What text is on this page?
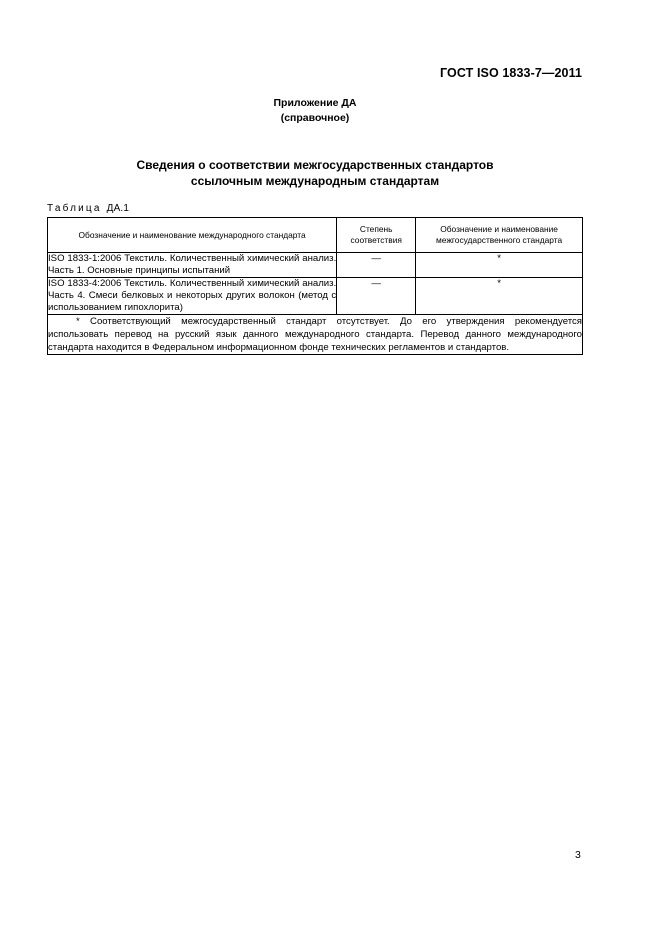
ГОСТ ISO 1833-7—2011
Приложение ДА
(справочное)
Сведения о соответствии межгосударственных стандартов
ссылочным международным стандартам
Таблица ДА.1
Обозначение и наименование международного стандарта	Степень соответствия	Обозначение и наименование межгосударственного стандарта
ISO 1833-1:2006 Текстиль. Количественный химический анализ. Часть 1. Основные принципы испытаний	—	*
ISO 1833-4:2006 Текстиль. Количественный химический анализ. Часть 4. Смеси белковых и некоторых других волокон (метод с использованием гипохлорита)	—	*
* Соответствующий межгосударственный стандарт отсутствует. До его утверждения рекомендуется использовать перевод на русский язык данного международного стандарта. Перевод данного международного стандарта находится в Федеральном информационном фонде технических регламентов и стандартов.		
3
